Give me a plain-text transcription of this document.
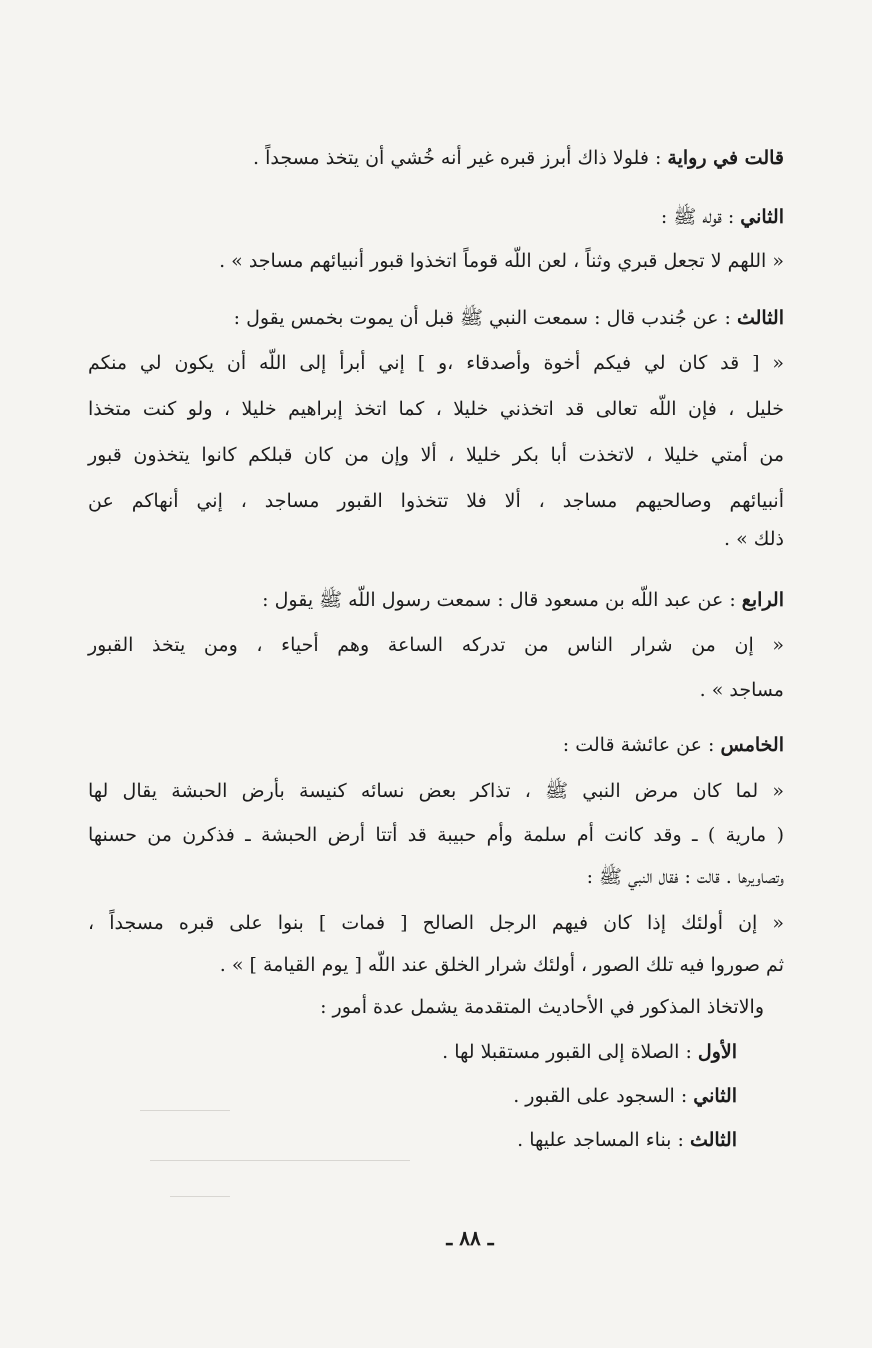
قالت في رواية : فلولا ذاك أبرز قبره غير أنه خُشي أن يتخذ مسجداً .
الثاني : قوله ﷺ :
« اللهم لا تجعل قبري وثناً ، لعن اللّه قوماً اتخذوا قبور أنبيائهم مساجد » .
الثالث : عن جُندب قال : سمعت النبي ﷺ قبل أن يموت بخمس يقول :
« [ قد كان لي فيكم أخوة وأصدقاء ،و ] إني أبرأ إلى اللّه أن يكون لي منكم
خليل ، فإن اللّه تعالى قد اتخذني خليلا ، كما اتخذ إبراهيم خليلا ، ولو كنت متخذا
من أمتي خليلا ، لاتخذت أبا بكر خليلا ، ألا وإن من كان قبلكم كانوا يتخذون قبور
أنبيائهم وصالحيهم مساجد ، ألا فلا تتخذوا القبور مساجد ، إني أنهاكم عن
ذلك » .
الرابع : عن عبد اللّه بن مسعود قال : سمعت رسول اللّه ﷺ يقول :
« إن من شرار الناس من تدركه الساعة وهم أحياء ، ومن يتخذ القبور
مساجد » .
الخامس : عن عائشة قالت :
« لما كان مرض النبي ﷺ ، تذاكر بعض نسائه كنيسة بأرض الحبشة يقال لها
( مارية ) ـ وقد كانت أم سلمة وأم حبيبة قد أتتا أرض الحبشة ـ فذكرن من حسنها
وتصاويرها . قالت : فقال النبي ﷺ :
« إن أولئك إذا كان فيهم الرجل الصالح [ فمات ] بنوا على قبره مسجداً ،
ثم صوروا فيه تلك الصور ، أولئك شرار الخلق عند اللّه [ يوم القيامة ] » .
والاتخاذ المذكور في الأحاديث المتقدمة يشمل عدة أمور :
الأول : الصلاة إلى القبور مستقبلا لها .
الثاني : السجود على القبور .
الثالث : بناء المساجد عليها .
ـ ٨٨ ـ
